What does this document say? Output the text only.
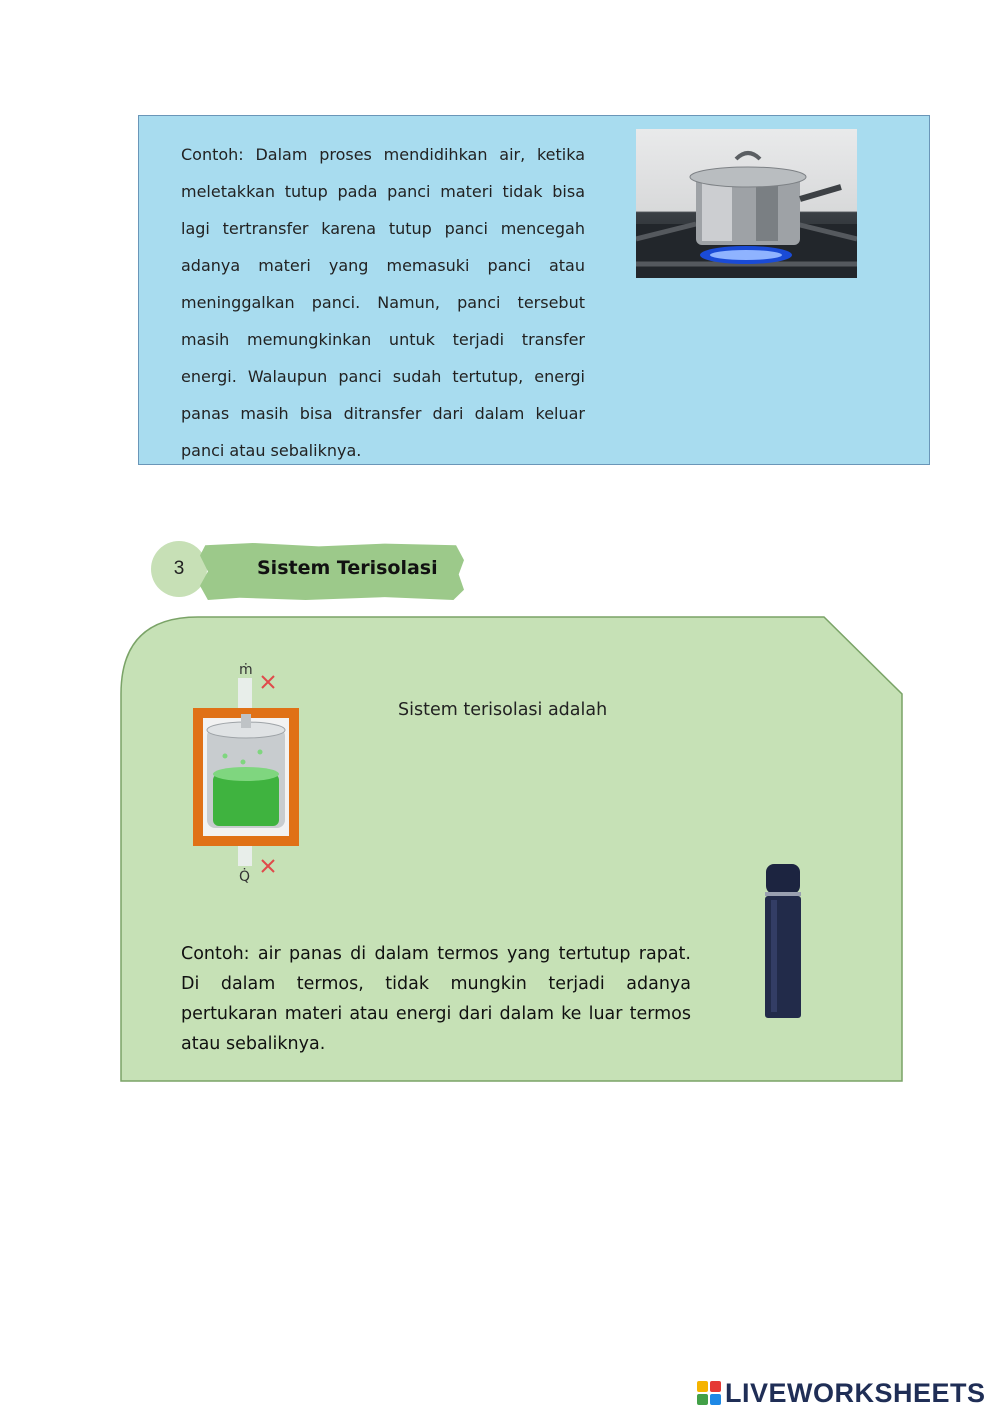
Contoh: Dalam proses mendidihkan air, ketika meletakkan tutup pada panci materi tidak bisa lagi tertransfer karena tutup panci mencegah adanya materi yang memasuki panci atau meninggalkan panci. Namun, panci tersebut masih memungkinkan untuk terjadi transfer energi. Walaupun panci sudah tertutup, energi panas masih bisa ditransfer dari dalam keluar panci atau sebaliknya.

3	Sistem Terisolasi
ṁ
Q̇
Sistem terisolasi adalah

Contoh: air panas di dalam termos yang tertutup rapat. Di dalam termos, tidak mungkin terjadi adanya pertukaran materi atau energi dari dalam ke luar termos atau sebaliknya.

LIVEWORKSHEETS
